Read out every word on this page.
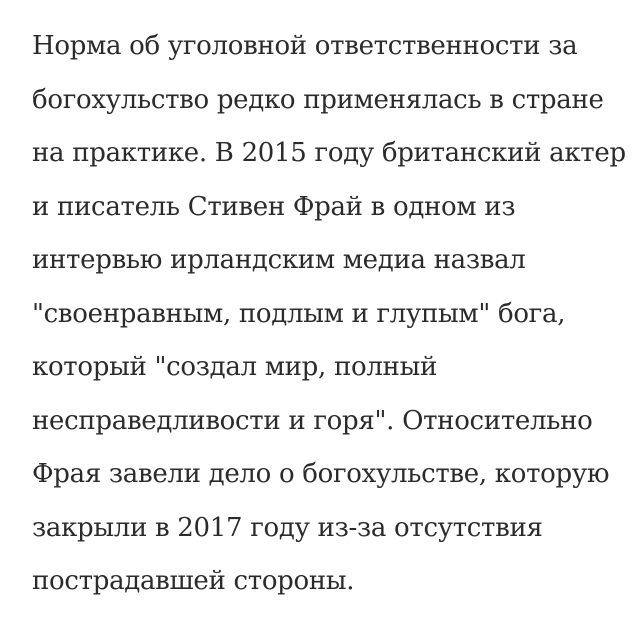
Норма об уголовной ответственности за
богохульство редко применялась в стране
на практике. В 2015 году британский актер
и писатель Стивен Фрай в одном из
интервью ирландским медиа назвал
"своенравным, подлым и глупым" бога,
который "создал мир, полный
несправедливости и горя". Относительно
Фрая завели дело о богохульстве, которую
закрыли в 2017 году из-за отсутствия
пострадавшей стороны.
